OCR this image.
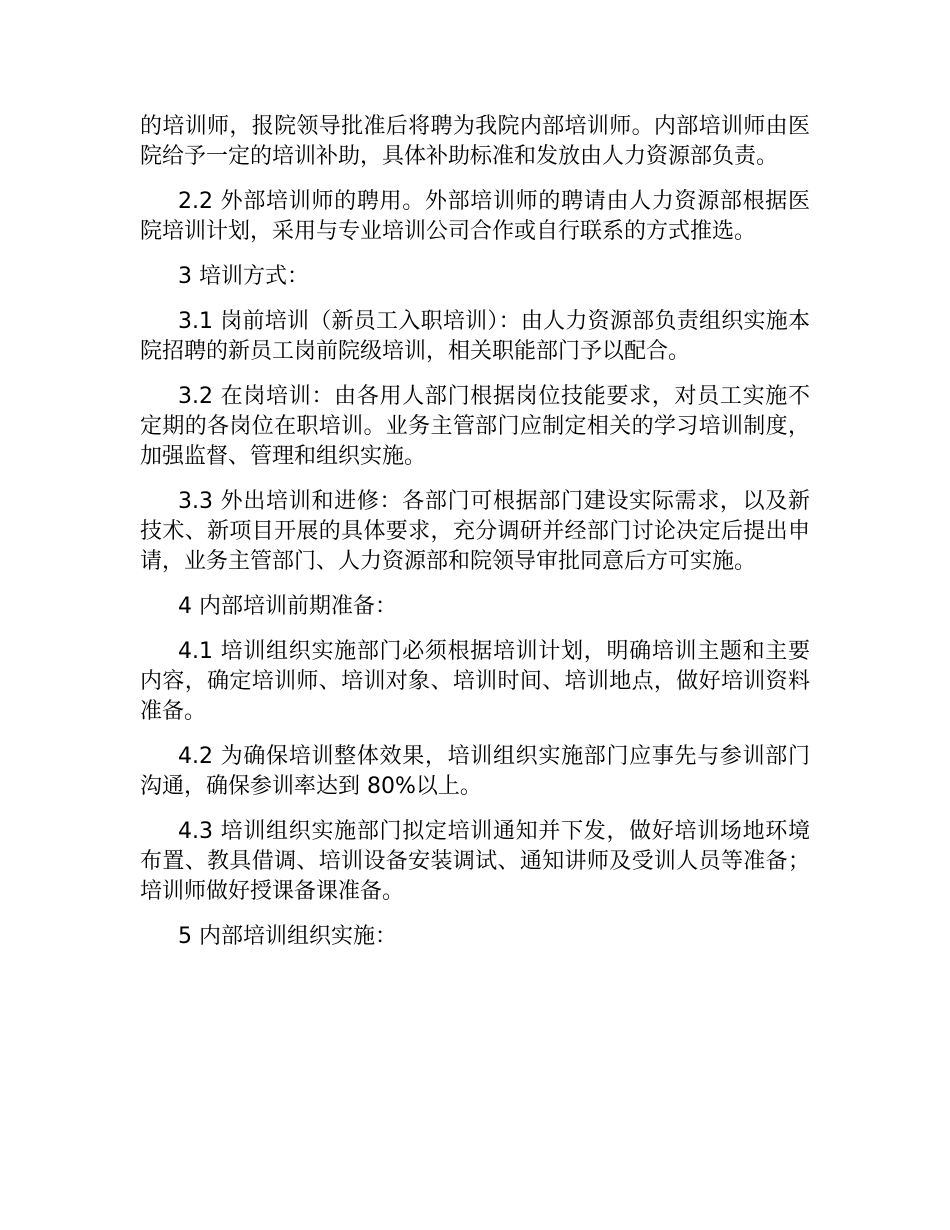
的培训师，报院领导批准后将聘为我院内部培训师。内部培训师由医院给予一定的培训补助，具体补助标准和发放由人力资源部负责。

2.2 外部培训师的聘用。外部培训师的聘请由人力资源部根据医院培训计划，采用与专业培训公司合作或自行联系的方式推选。

3 培训方式：

3.1 岗前培训（新员工入职培训）：由人力资源部负责组织实施本院招聘的新员工岗前院级培训，相关职能部门予以配合。

3.2 在岗培训：由各用人部门根据岗位技能要求，对员工实施不定期的各岗位在职培训。业务主管部门应制定相关的学习培训制度，加强监督、管理和组织实施。

3.3 外出培训和进修：各部门可根据部门建设实际需求，以及新技术、新项目开展的具体要求，充分调研并经部门讨论决定后提出申请，业务主管部门、人力资源部和院领导审批同意后方可实施。

4 内部培训前期准备：

4.1 培训组织实施部门必须根据培训计划，明确培训主题和主要内容，确定培训师、培训对象、培训时间、培训地点，做好培训资料准备。

4.2 为确保培训整体效果，培训组织实施部门应事先与参训部门沟通，确保参训率达到 80%以上。

4.3 培训组织实施部门拟定培训通知并下发，做好培训场地环境布置、教具借调、培训设备安装调试、通知讲师及受训人员等准备；培训师做好授课备课准备。

5 内部培训组织实施：
